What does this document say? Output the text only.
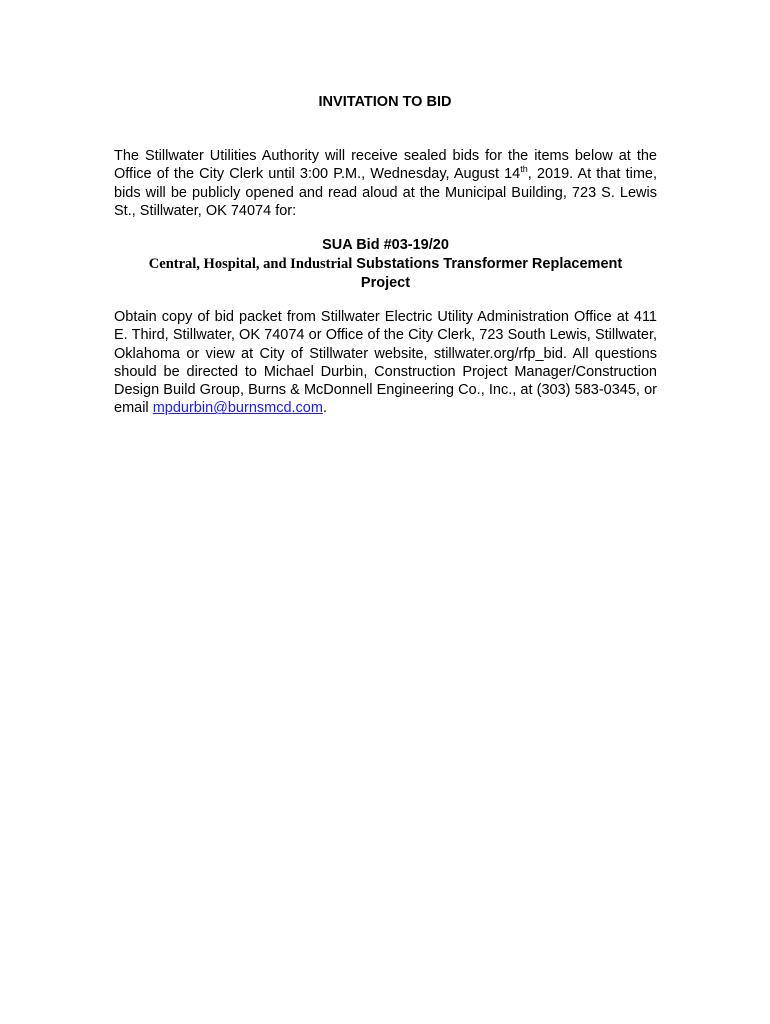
INVITATION TO BID

The Stillwater Utilities Authority will receive sealed bids for the items below at the Office of the City Clerk until 3:00 P.M., Wednesday, August 14th, 2019. At that time, bids will be publicly opened and read aloud at the Municipal Building, 723 S. Lewis St., Stillwater, OK 74074 for:

SUA Bid #03-19/20
Central, Hospital, and Industrial Substations Transformer Replacement
Project

Obtain copy of bid packet from Stillwater Electric Utility Administration Office at 411 E. Third, Stillwater, OK 74074 or Office of the City Clerk, 723 South Lewis, Stillwater, Oklahoma or view at City of Stillwater website, stillwater.org/rfp_bid. All questions should be directed to Michael Durbin, Construction Project Manager/Construction Design Build Group, Burns & McDonnell Engineering Co., Inc., at (303) 583-0345, or email mpdurbin@burnsmcd.com.
